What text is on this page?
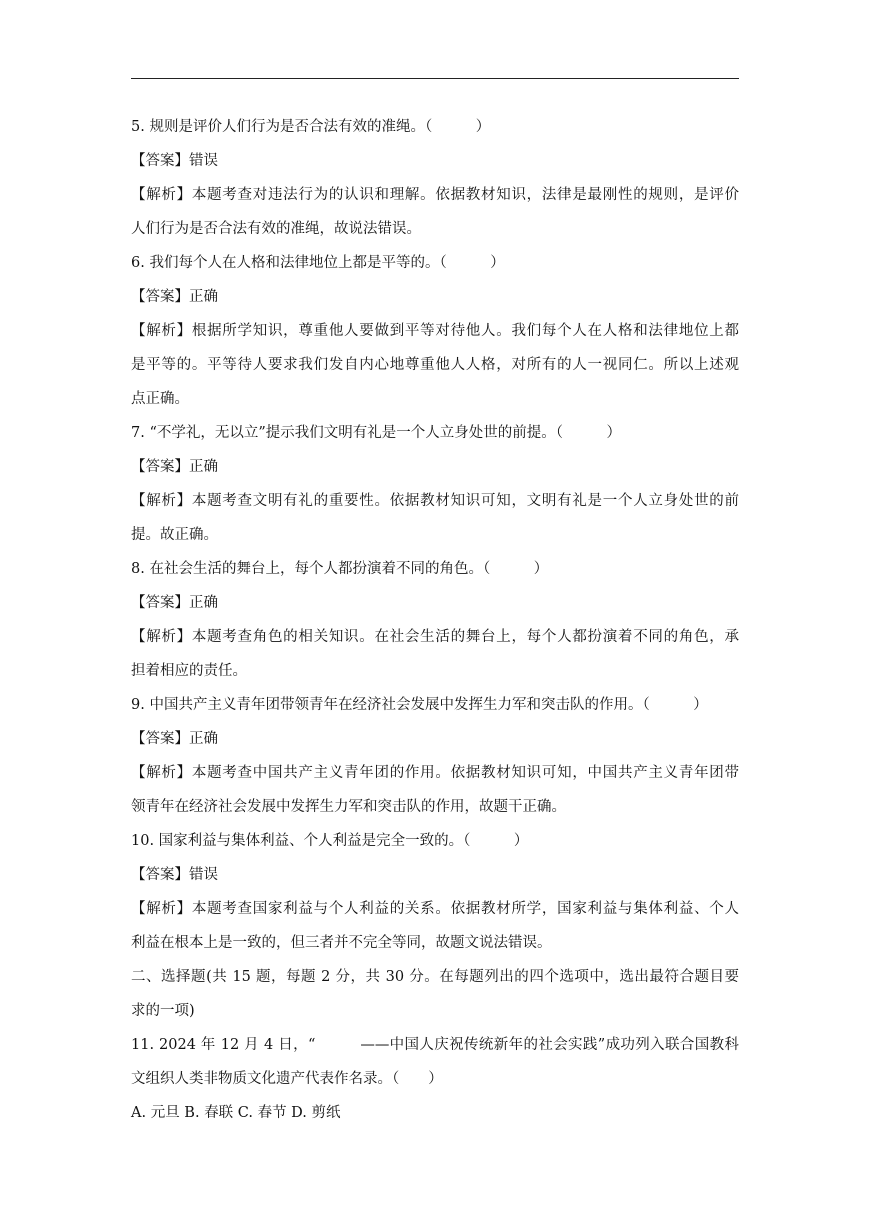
5. 规则是评价人们行为是否合法有效的准绳。（　　　）

【答案】错误

【解析】本题考查对违法行为的认识和理解。依据教材知识，法律是最刚性的规则，是评价

人们行为是否合法有效的准绳，故说法错误。

6. 我们每个人在人格和法律地位上都是平等的。（　　　）

【答案】正确

【解析】根据所学知识，尊重他人要做到平等对待他人。我们每个人在人格和法律地位上都

是平等的。平等待人要求我们发自内心地尊重他人人格，对所有的人一视同仁。所以上述观

点正确。

7. “不学礼，无以立”提示我们文明有礼是一个人立身处世的前提。（　　　）

【答案】正确

【解析】本题考查文明有礼的重要性。依据教材知识可知，文明有礼是一个人立身处世的前

提。故正确。

8. 在社会生活的舞台上，每个人都扮演着不同的角色。（　　　）

【答案】正确

【解析】本题考查角色的相关知识。在社会生活的舞台上，每个人都扮演着不同的角色，承

担着相应的责任。

9. 中国共产主义青年团带领青年在经济社会发展中发挥生力军和突击队的作用。（　　　）

【答案】正确

【解析】本题考查中国共产主义青年团的作用。依据教材知识可知，中国共产主义青年团带

领青年在经济社会发展中发挥生力军和突击队的作用，故题干正确。

10. 国家利益与集体利益、个人利益是完全一致的。（　　　）

【答案】错误

【解析】本题考查国家利益与个人利益的关系。依据教材所学，国家利益与集体利益、个人

利益在根本上是一致的，但三者并不完全等同，故题文说法错误。

二、选择题(共 15 题，每题 2 分，共 30 分。在每题列出的四个选项中，选出最符合题目要

求的一项)

11. 2024 年 12 月 4 日，“　　　——中国人庆祝传统新年的社会实践”成功列入联合国教科

文组织人类非物质文化遗产代表作名录。（　　）

A. 元旦 B. 春联 C. 春节 D. 剪纸
